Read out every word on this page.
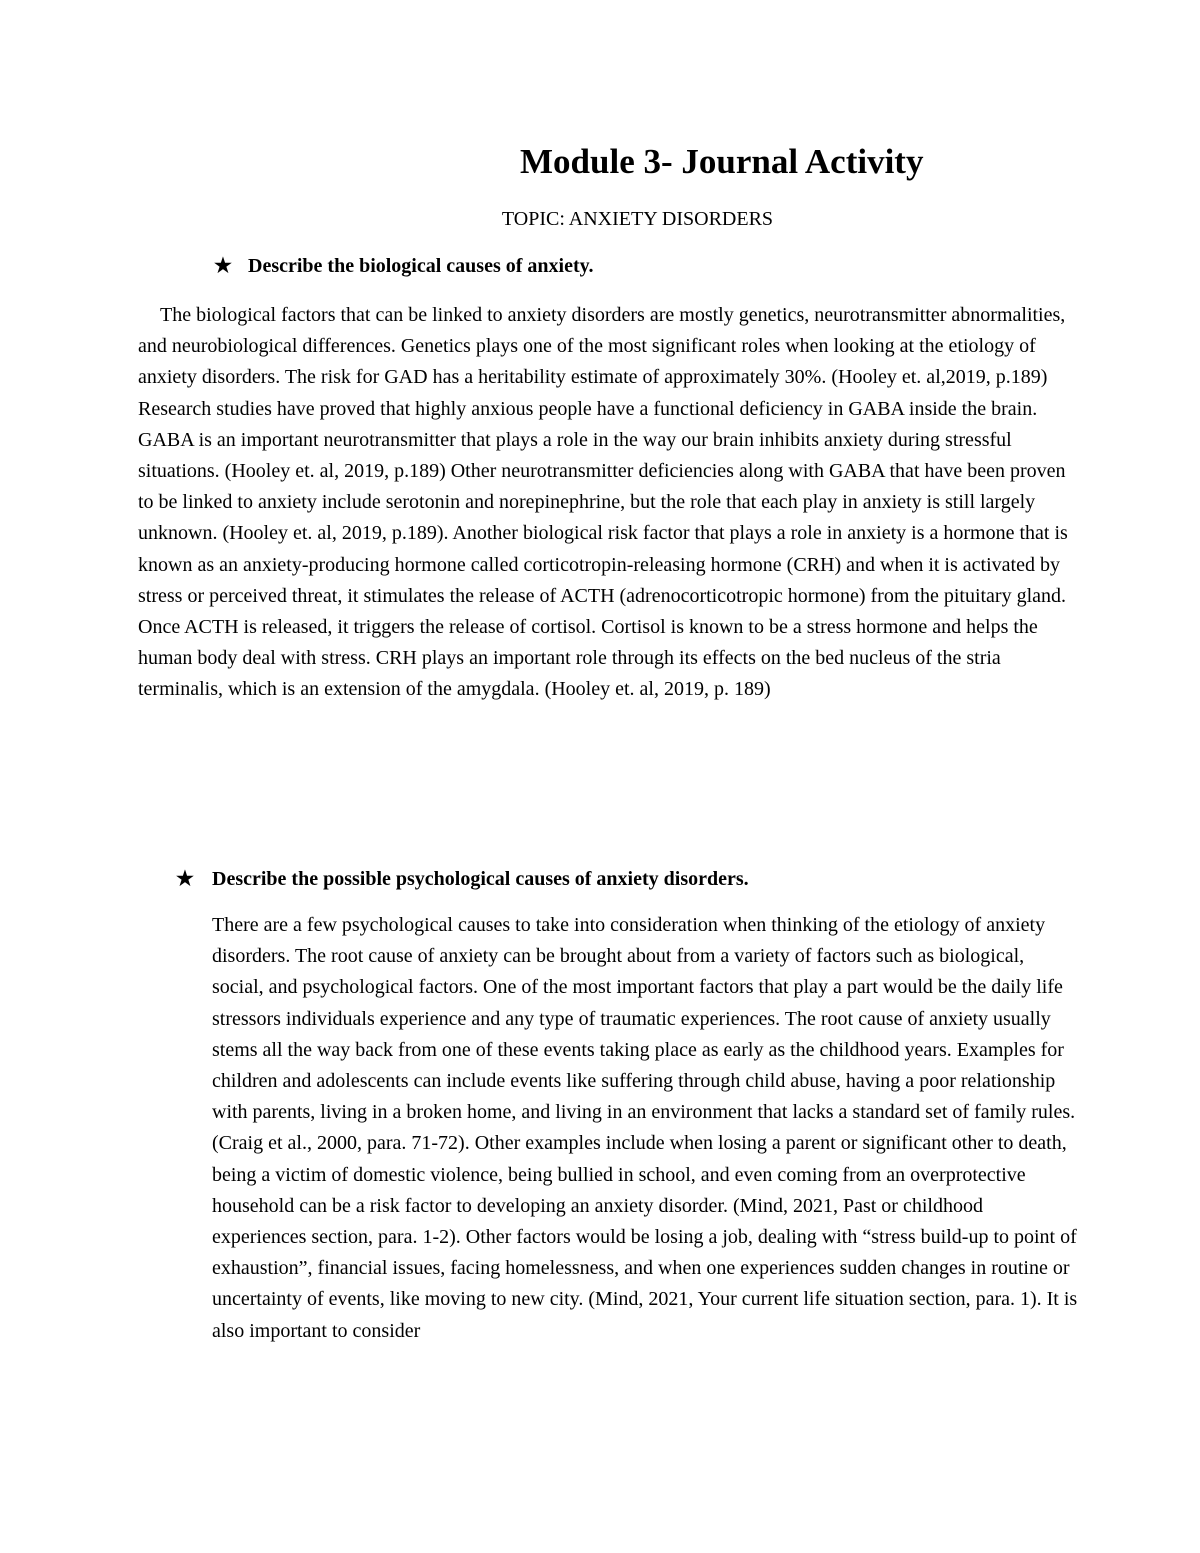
Module 3- Journal Activity
TOPIC: ANXIETY DISORDERS
★ Describe the biological causes of anxiety.
The biological factors that can be linked to anxiety disorders are mostly genetics, neurotransmitter abnormalities, and neurobiological differences. Genetics plays one of the most significant roles when looking at the etiology of anxiety disorders. The risk for GAD has a heritability estimate of approximately 30%. (Hooley et. al,2019, p.189) Research studies have proved that highly anxious people have a functional deficiency in GABA inside the brain. GABA is an important neurotransmitter that plays a role in the way our brain inhibits anxiety during stressful situations. (Hooley et. al, 2019, p.189) Other neurotransmitter deficiencies along with GABA that have been proven to be linked to anxiety include serotonin and norepinephrine, but the role that each play in anxiety is still largely unknown. (Hooley et. al, 2019, p.189). Another biological risk factor that plays a role in anxiety is a hormone that is known as an anxiety-producing hormone called corticotropin-releasing hormone (CRH) and when it is activated by stress or perceived threat, it stimulates the release of ACTH (adrenocorticotropic hormone) from the pituitary gland. Once ACTH is released, it triggers the release of cortisol. Cortisol is known to be a stress hormone and helps the human body deal with stress. CRH plays an important role through its effects on the bed nucleus of the stria terminalis, which is an extension of the amygdala. (Hooley et. al, 2019, p. 189)
★ Describe the possible psychological causes of anxiety disorders.
There are a few psychological causes to take into consideration when thinking of the etiology of anxiety disorders. The root cause of anxiety can be brought about from a variety of factors such as biological, social, and psychological factors. One of the most important factors that play a part would be the daily life stressors individuals experience and any type of traumatic experiences. The root cause of anxiety usually stems all the way back from one of these events taking place as early as the childhood years. Examples for children and adolescents can include events like suffering through child abuse, having a poor relationship with parents, living in a broken home, and living in an environment that lacks a standard set of family rules. (Craig et al., 2000, para. 71-72). Other examples include when losing a parent or significant other to death, being a victim of domestic violence, being bullied in school, and even coming from an overprotective household can be a risk factor to developing an anxiety disorder. (Mind, 2021, Past or childhood experiences section, para. 1-2). Other factors would be losing a job, dealing with “stress build-up to point of exhaustion”, financial issues, facing homelessness, and when one experiences sudden changes in routine or uncertainty of events, like moving to new city. (Mind, 2021, Your current life situation section, para. 1). It is also important to consider
